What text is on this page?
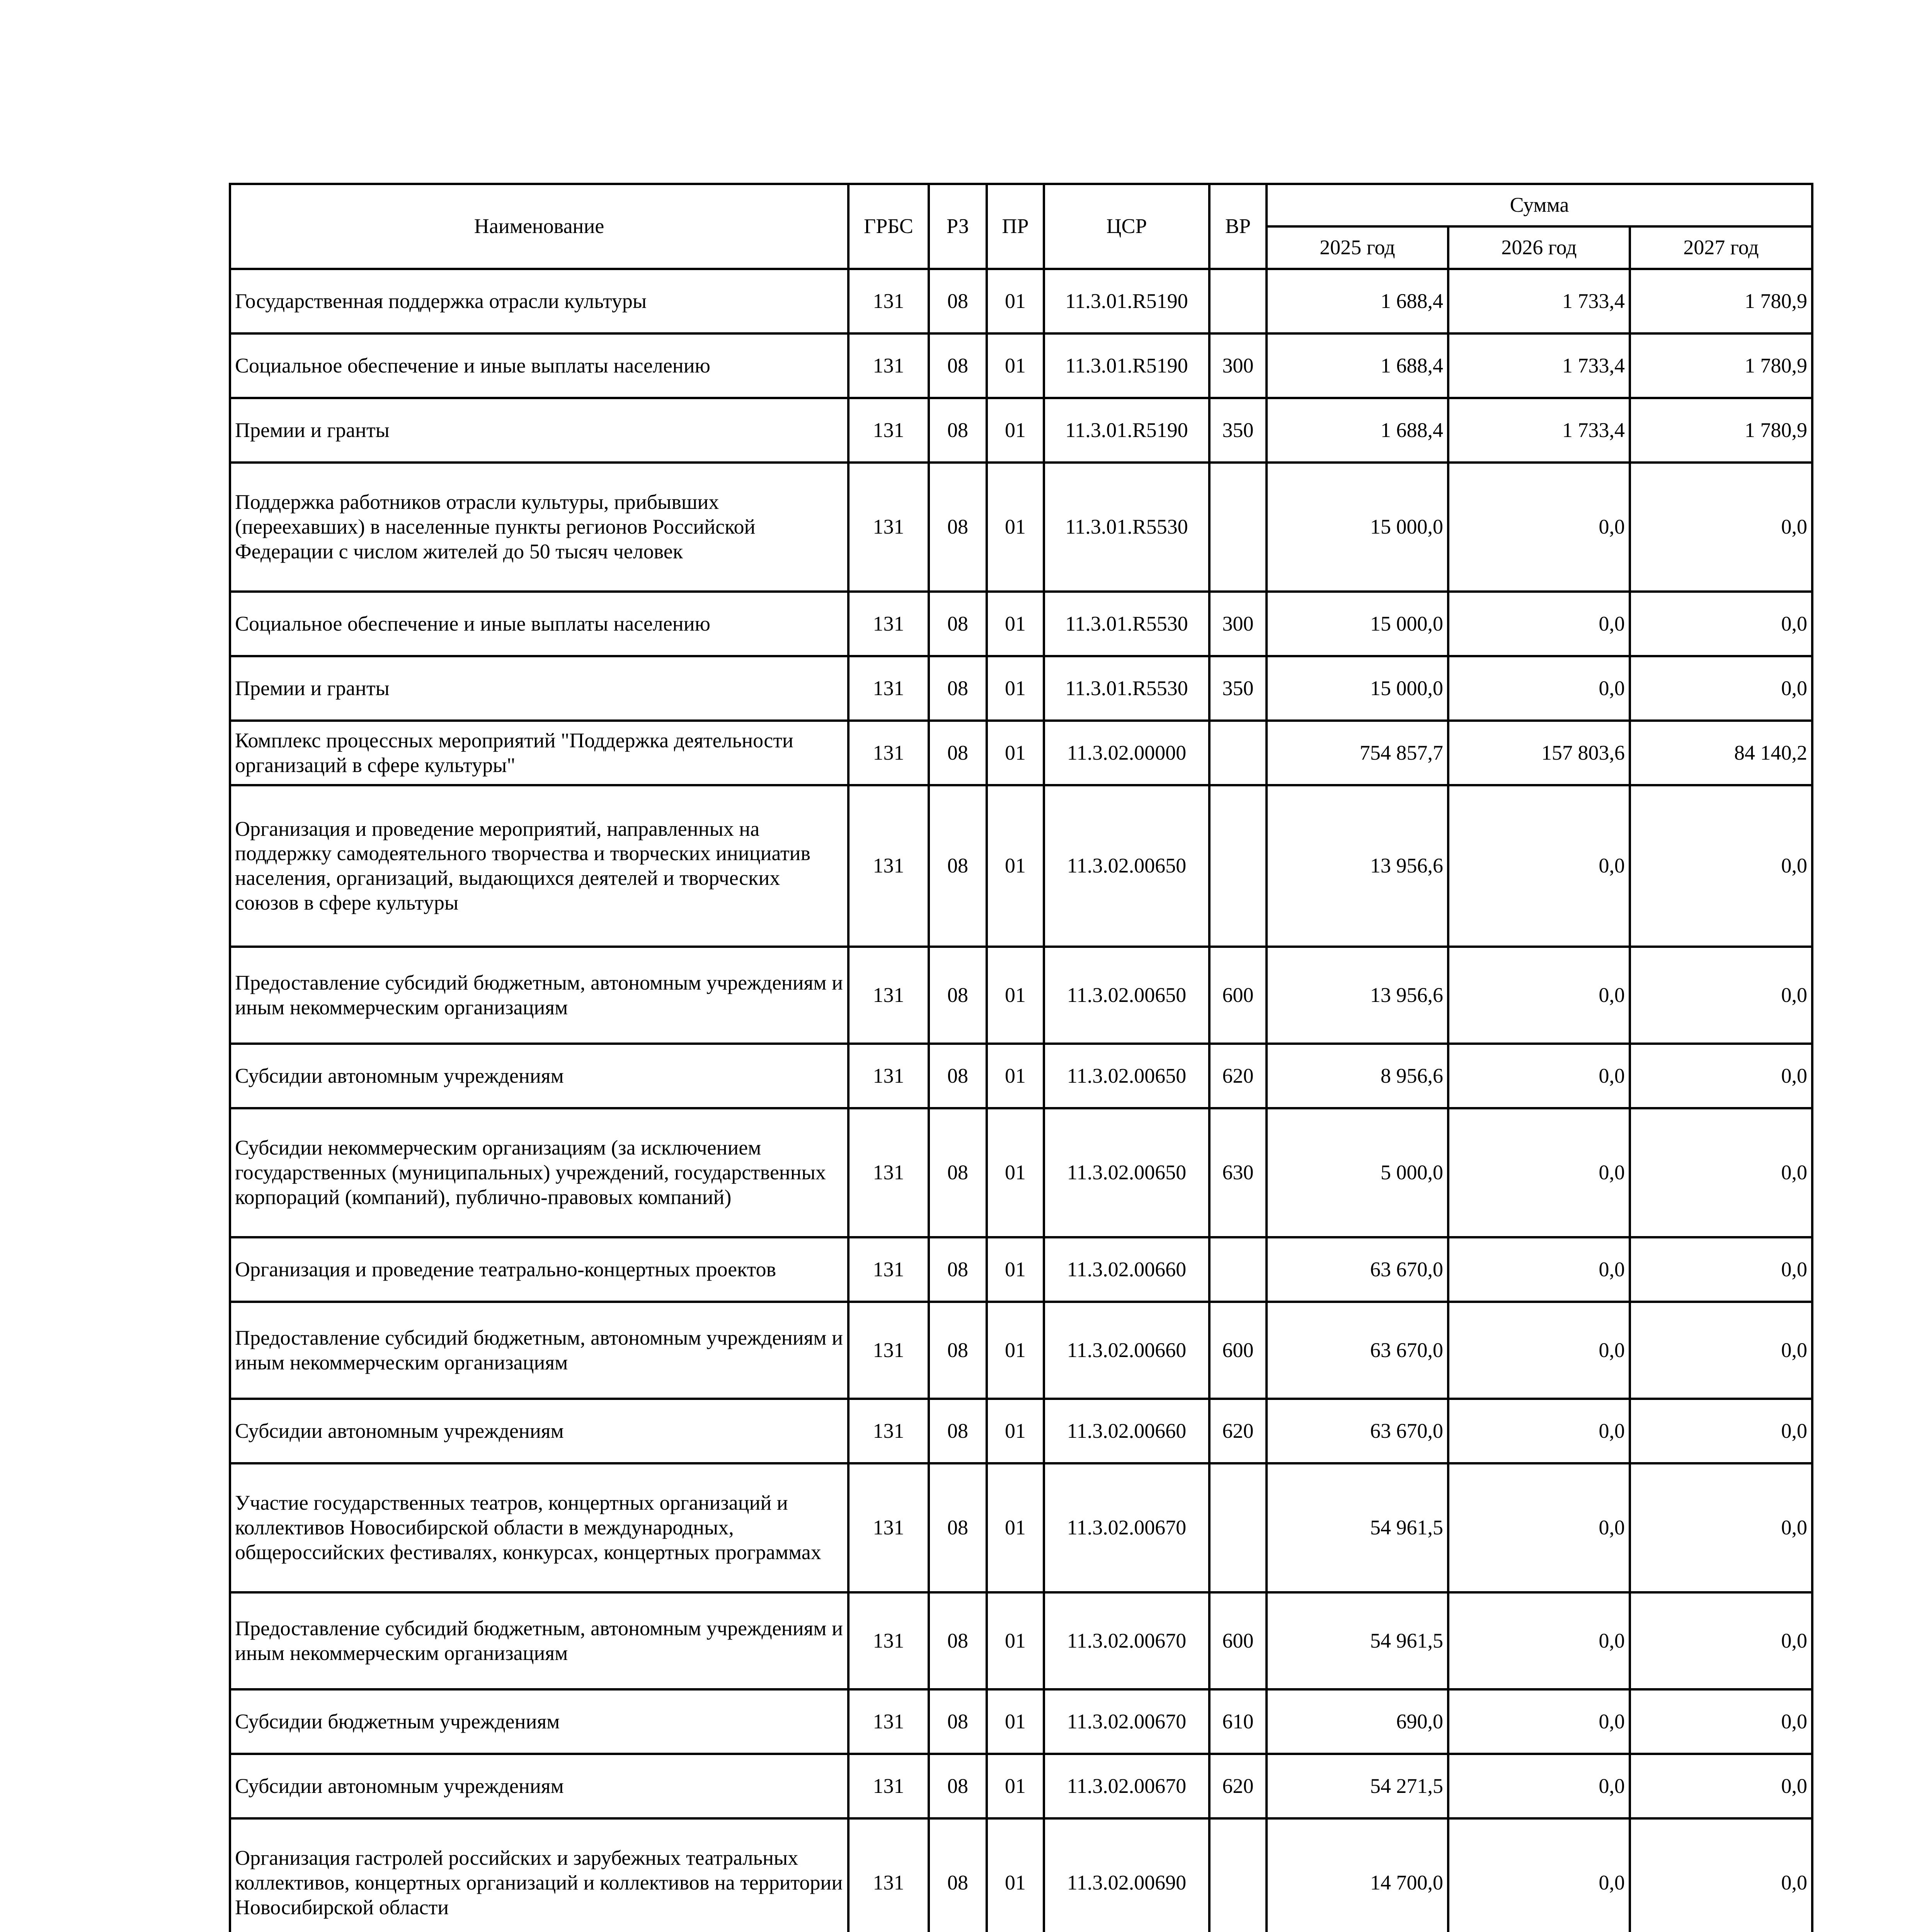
Наименование	ГРБС	РЗ	ПР	ЦСР	ВР	Сумма		
						2025 год	2026 год	2027 год
Государственная поддержка отрасли культуры	131	08	01	11.3.01.R5190		1 688,4	1 733,4	1 780,9
Социальное обеспечение и иные выплаты населению	131	08	01	11.3.01.R5190	300	1 688,4	1 733,4	1 780,9
Премии и гранты	131	08	01	11.3.01.R5190	350	1 688,4	1 733,4	1 780,9
Поддержка работников отрасли культуры, прибывших (переехавших) в населенные пункты регионов Российской Федерации с числом жителей до 50 тысяч человек	131	08	01	11.3.01.R5530		15 000,0	0,0	0,0
Социальное обеспечение и иные выплаты населению	131	08	01	11.3.01.R5530	300	15 000,0	0,0	0,0
Премии и гранты	131	08	01	11.3.01.R5530	350	15 000,0	0,0	0,0
Комплекс процессных мероприятий "Поддержка деятельности организаций в сфере культуры"	131	08	01	11.3.02.00000		754 857,7	157 803,6	84 140,2
Организация и проведение мероприятий, направленных на поддержку самодеятельного творчества и творческих инициатив населения, организаций, выдающихся деятелей и творческих союзов в сфере культуры	131	08	01	11.3.02.00650		13 956,6	0,0	0,0
Предоставление субсидий бюджетным, автономным учреждениям и иным некоммерческим организациям	131	08	01	11.3.02.00650	600	13 956,6	0,0	0,0
Субсидии автономным учреждениям	131	08	01	11.3.02.00650	620	8 956,6	0,0	0,0
Субсидии некоммерческим организациям (за исключением государственных (муниципальных) учреждений, государственных корпораций (компаний), публично-правовых компаний)	131	08	01	11.3.02.00650	630	5 000,0	0,0	0,0
Организация и проведение театрально-концертных проектов	131	08	01	11.3.02.00660		63 670,0	0,0	0,0
Предоставление субсидий бюджетным, автономным учреждениям и иным некоммерческим организациям	131	08	01	11.3.02.00660	600	63 670,0	0,0	0,0
Субсидии автономным учреждениям	131	08	01	11.3.02.00660	620	63 670,0	0,0	0,0
Участие государственных театров, концертных организаций и коллективов Новосибирской области в международных, общероссийских фестивалях, конкурсах, концертных программах	131	08	01	11.3.02.00670		54 961,5	0,0	0,0
Предоставление субсидий бюджетным, автономным учреждениям и иным некоммерческим организациям	131	08	01	11.3.02.00670	600	54 961,5	0,0	0,0
Субсидии бюджетным учреждениям	131	08	01	11.3.02.00670	610	690,0	0,0	0,0
Субсидии автономным учреждениям	131	08	01	11.3.02.00670	620	54 271,5	0,0	0,0
Организация гастролей российских и зарубежных театральных коллективов, концертных организаций и коллективов на территории Новосибирской области	131	08	01	11.3.02.00690		14 700,0	0,0	0,0
